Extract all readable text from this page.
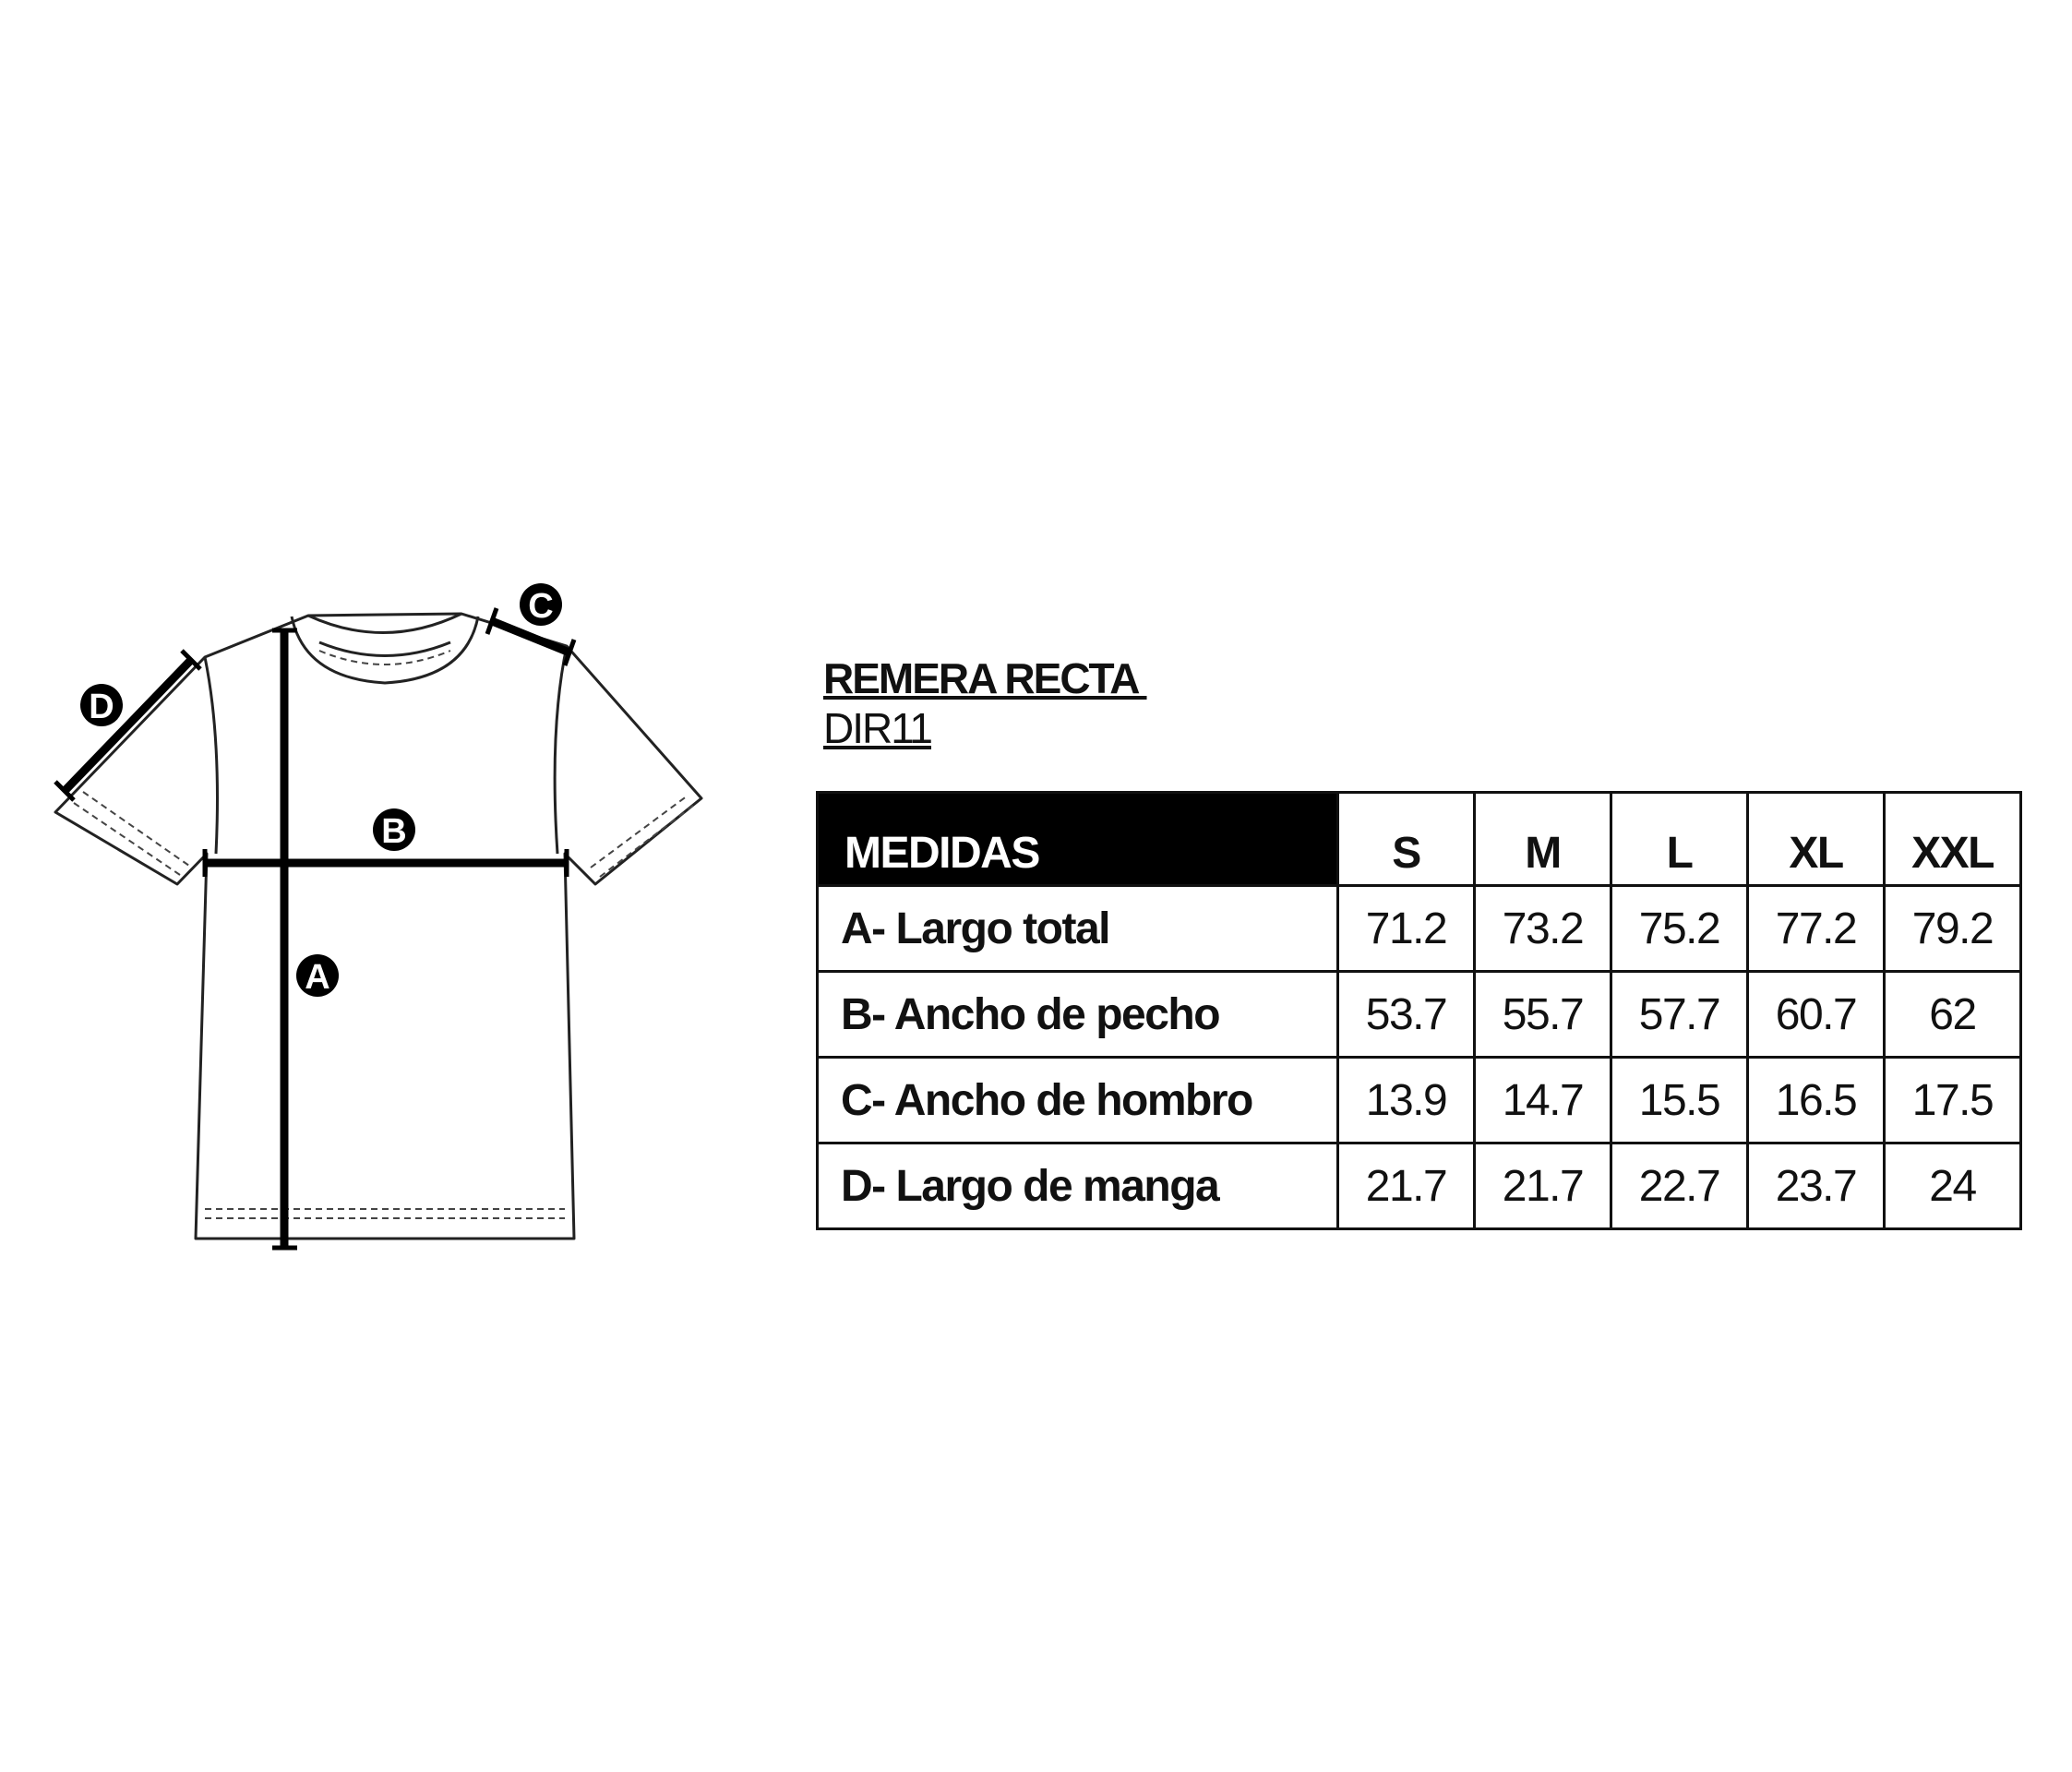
A
B
C
D
REMERA RECTA
DIR11
MEDIDAS	S	M	L	XL	XXL
A- Largo total	71.2	73.2	75.2	77.2	79.2
B- Ancho de pecho	53.7	55.7	57.7	60.7	62
C- Ancho de hombro	13.9	14.7	15.5	16.5	17.5
D- Largo de manga	21.7	21.7	22.7	23.7	24
